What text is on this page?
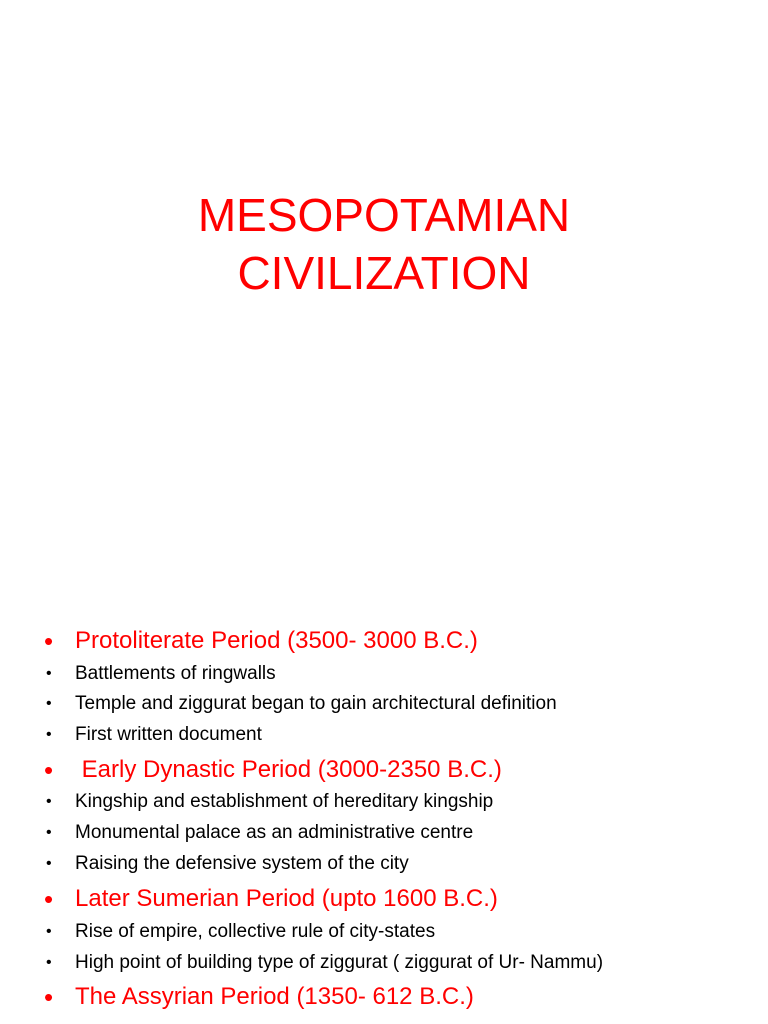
MESOPOTAMIAN
CIVILIZATION
• Protoliterate Period (3500- 3000 B.C.)
• Battlements of ringwalls
• Temple and ziggurat began to gain architectural definition
• First written document
• Early Dynastic Period (3000-2350 B.C.)
• Kingship and establishment of hereditary kingship
• Monumental palace as an administrative centre
• Raising the defensive system of the city
• Later Sumerian Period (upto 1600 B.C.)
• Rise of empire, collective rule of city-states
• High point of building type of ziggurat ( ziggurat of Ur- Nammu)
• The Assyrian Period (1350- 612 B.C.)
